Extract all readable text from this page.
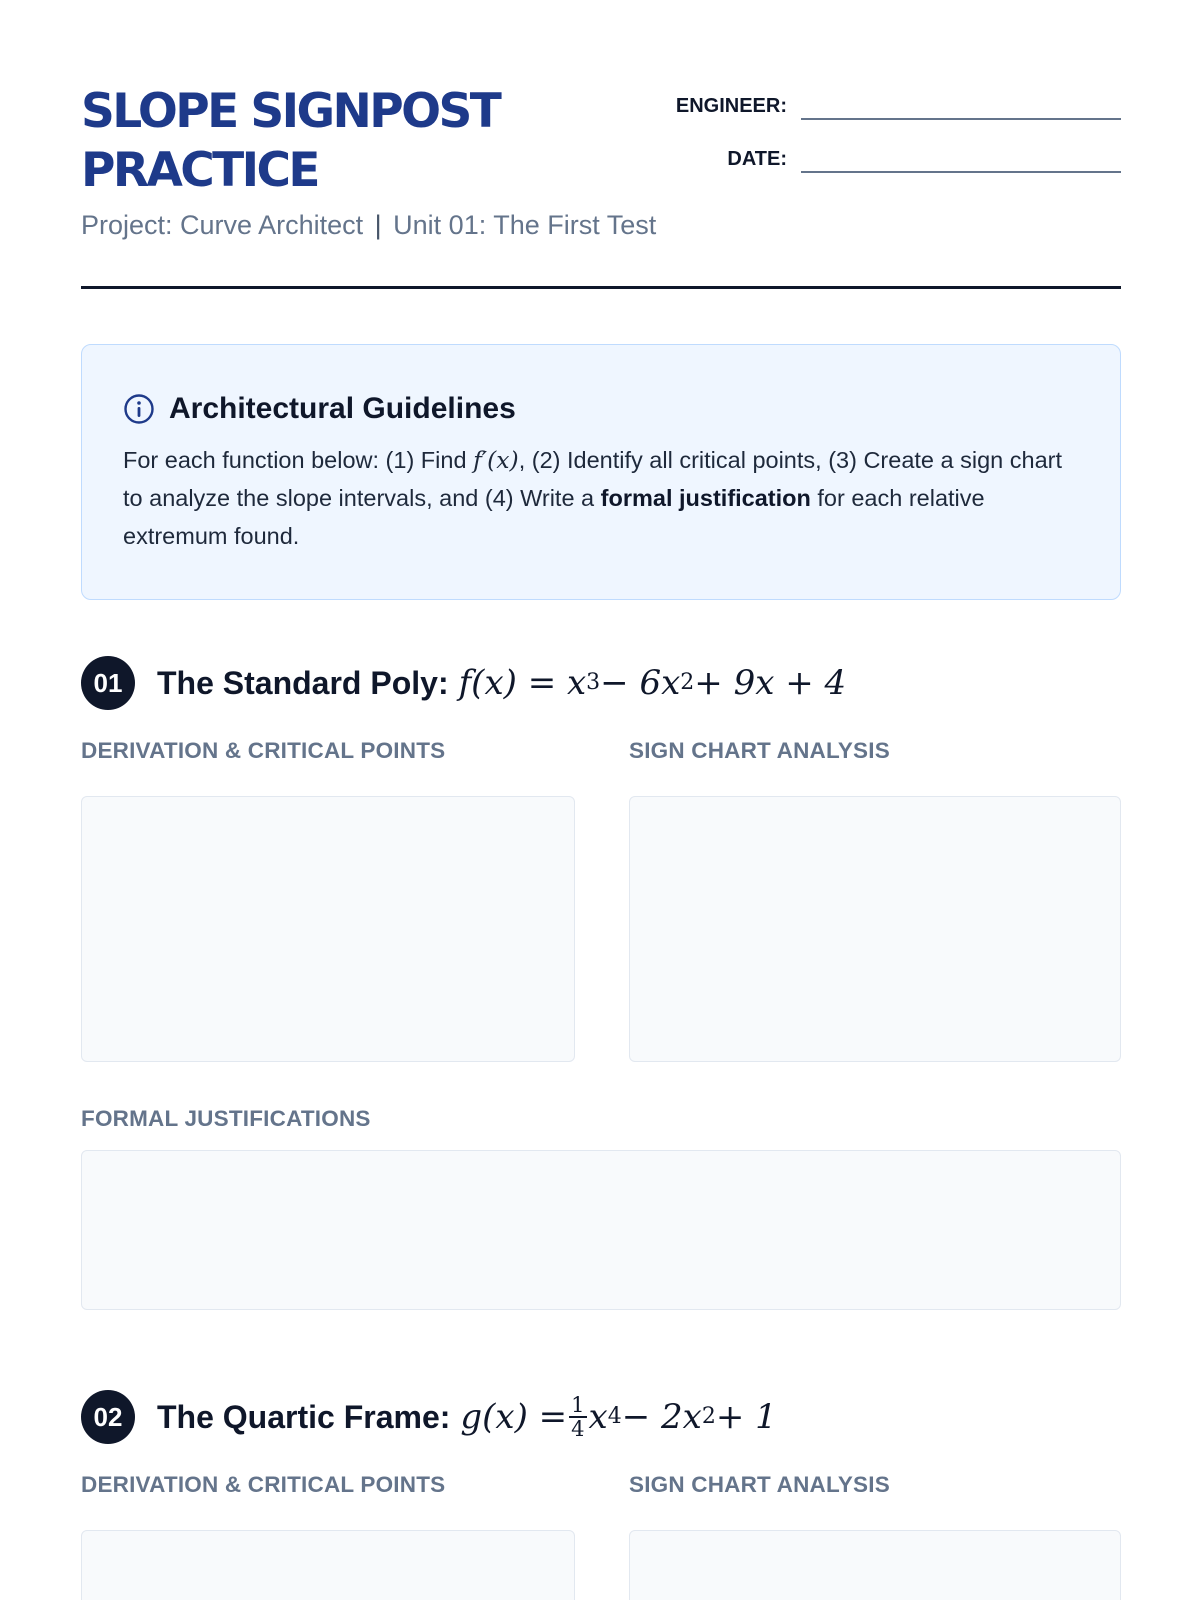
SLOPE SIGNPOST PRACTICE
Project: Curve Architect | Unit 01: The First Test
ENGINEER:
DATE:
Architectural Guidelines

For each function below: (1) Find f′(x), (2) Identify all critical points, (3) Create a sign chart to analyze the slope intervals, and (4) Write a formal justification for each relative extremum found.

01	The Standard Poly: f(x) = x 3 − 6x 2 + 9x + 4
DERIVATION & CRITICAL POINTS	SIGN CHART ANALYSIS
FORMAL JUSTIFICATIONS
02	The Quartic Frame: $g(x) = \frac{1}{4}$ x 4 − 2x 2 + 1
DERIVATION & CRITICAL POINTS	SIGN CHART ANALYSIS
